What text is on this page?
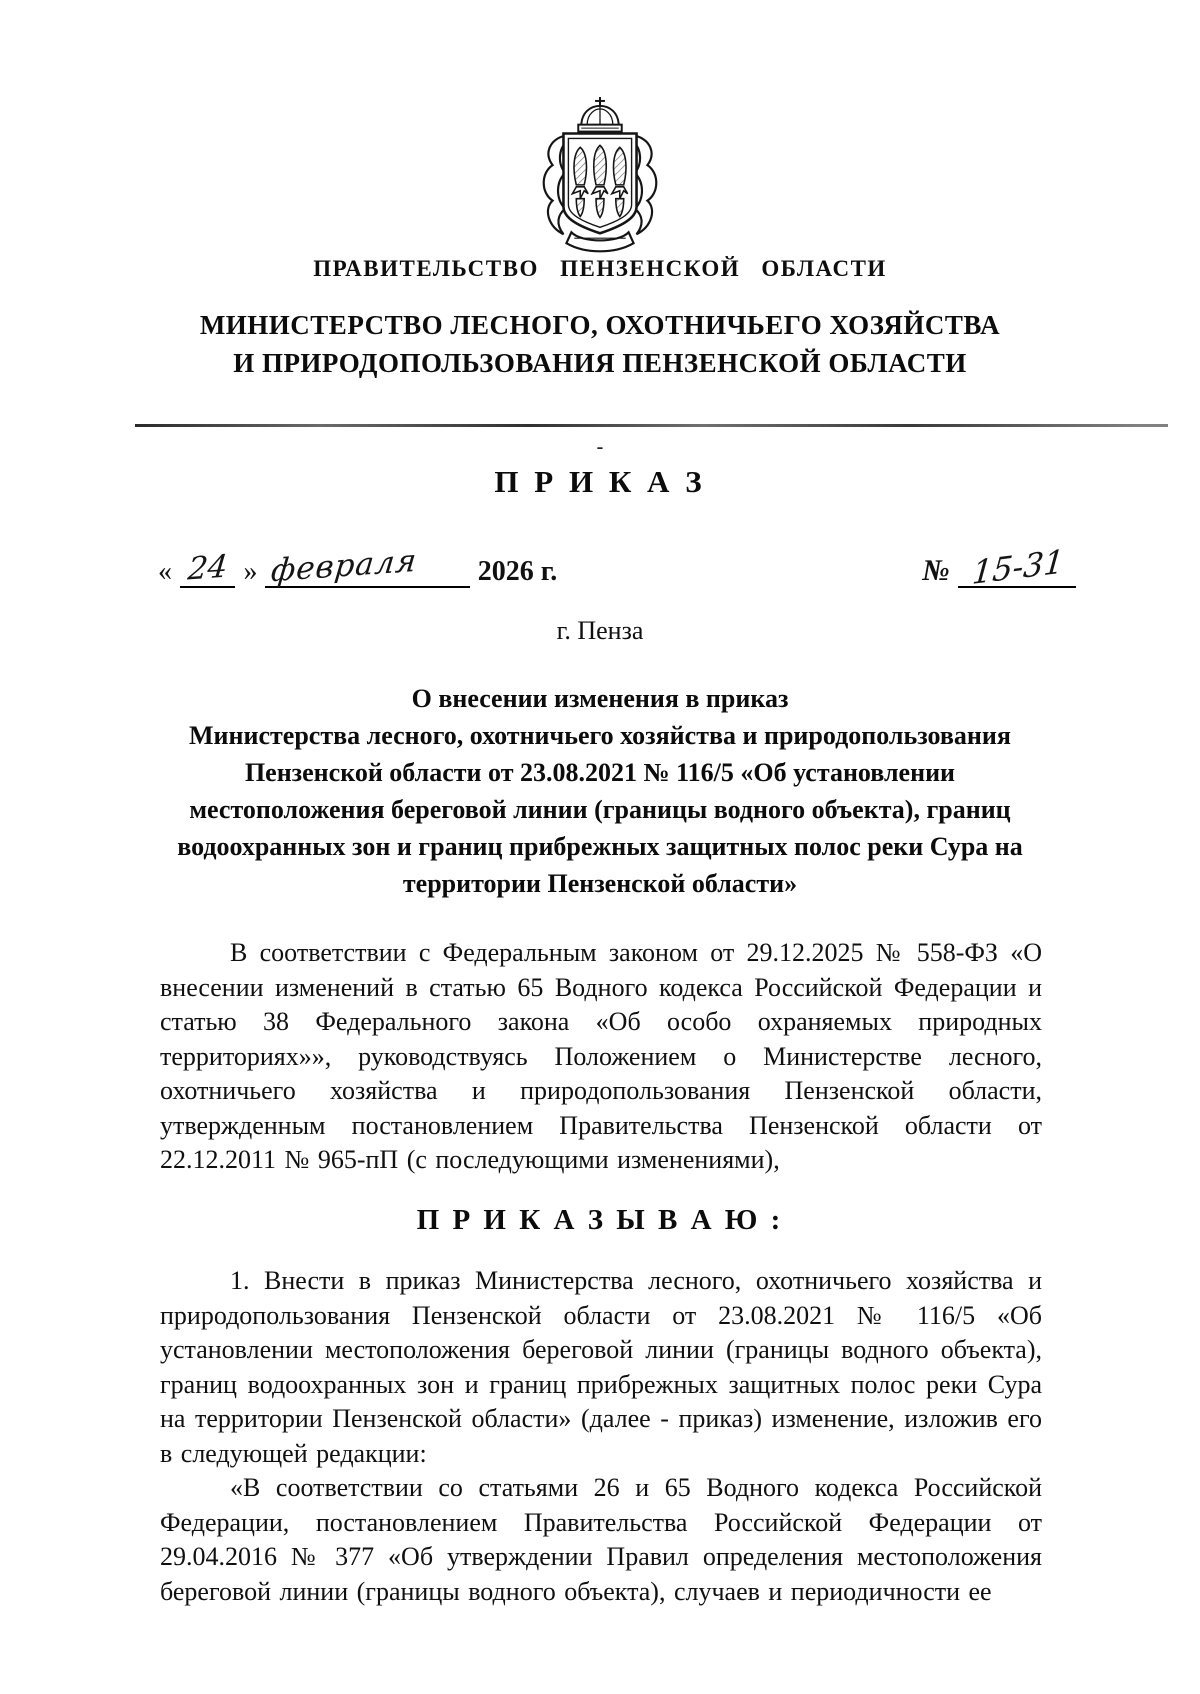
ПРАВИТЕЛЬСТВО ПЕНЗЕНСКОЙ ОБЛАСТИ
МИНИСТЕРСТВО ЛЕСНОГО, ОХОТНИЧЬЕГО ХОЗЯЙСТВА
И ПРИРОДОПОЛЬЗОВАНИЯ ПЕНЗЕНСКОЙ ОБЛАСТИ
-
П Р И К А З
« 24 » февраля	2026 г.	№ 15-31
г. Пенза
О внесении изменения в приказ
Министерства лесного, охотничьего хозяйства и природопользования
Пензенской области от 23.08.2021 № 116/5 «Об установлении
местоположения береговой линии (границы водного объекта), границ
водоохранных зон и границ прибрежных защитных полос реки Сура на
территории Пензенской области»

В соответствии с Федеральным законом от 29.12.2025 № 558-ФЗ «О внесении изменений в статью 65 Водного кодекса Российской Федерации и статью 38 Федерального закона «Об особо охраняемых природных территориях»», руководствуясь Положением о Министерстве лесного, охотничьего хозяйства и природопользования Пензенской области, утвержденным постановлением Правительства Пензенской области от 22.12.2011 № 965-пП (с последующими изменениями),

П Р И К А З Ы В А Ю :

1. Внести в приказ Министерства лесного, охотничьего хозяйства и природопользования Пензенской области от 23.08.2021 № 116/5 «Об установлении местоположения береговой линии (границы водного объекта), границ водоохранных зон и границ прибрежных защитных полос реки Сура на территории Пензенской области» (далее - приказ) изменение, изложив его в следующей редакции:

«В соответствии со статьями 26 и 65 Водного кодекса Российской Федерации, постановлением Правительства Российской Федерации от 29.04.2016 № 377 «Об утверждении Правил определения местоположения береговой линии (границы водного объекта), случаев и периодичности ее
